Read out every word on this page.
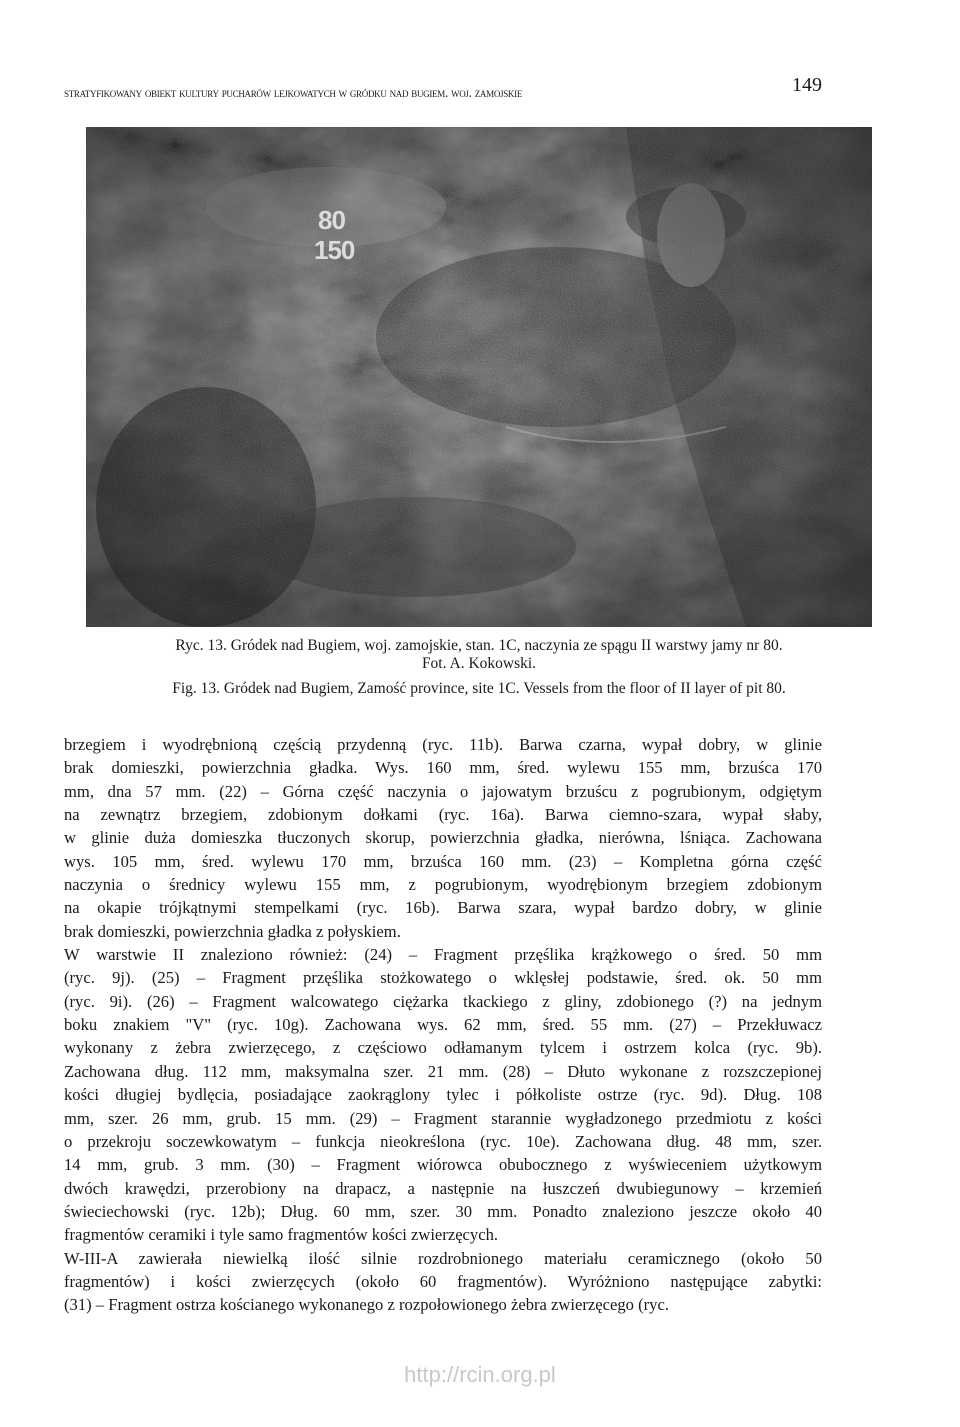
stratyfikowany obiekt kultury pucharów lejkowatych w gródku nad bugiem. woj. zamojskie	149
80
150
Ryc. 13. Gródek nad Bugiem, woj. zamojskie, stan. 1C, naczynia ze spągu II warstwy jamy nr 80.
Fot. A. Kokowski.
Fig. 13. Gródek nad Bugiem, Zamość province, site 1C. Vessels from the floor of II layer of pit 80.
brzegiem i wyodrębnioną częścią przydenną (ryc. 11b). Barwa czarna, wypał dobry, w glinie
brak domieszki, powierzchnia gładka. Wys. 160 mm, śred. wylewu 155 mm, brzuśca 170
mm, dna 57 mm. (22) – Górna część naczynia o jajowatym brzuścu z pogrubionym, odgiętym
na zewnątrz brzegiem, zdobionym dołkami (ryc. 16a). Barwa ciemno-szara, wypał słaby,
w glinie duża domieszka tłuczonych skorup, powierzchnia gładka, nierówna, lśniąca. Zachowana
wys. 105 mm, śred. wylewu 170 mm, brzuśca 160 mm. (23) – Kompletna górna część
naczynia o średnicy wylewu 155 mm, z pogrubionym, wyodrębionym brzegiem zdobionym
na okapie trójkątnymi stempelkami (ryc. 16b). Barwa szara, wypał bardzo dobry, w glinie
brak domieszki, powierzchnia gładka z połyskiem.
W warstwie II znaleziono również: (24) – Fragment przęślika krążkowego o śred. 50 mm
(ryc. 9j). (25) – Fragment przęślika stożkowatego o wklęsłej podstawie, śred. ok. 50 mm
(ryc. 9i). (26) – Fragment walcowatego ciężarka tkackiego z gliny, zdobionego (?) na jednym
boku znakiem "V" (ryc. 10g). Zachowana wys. 62 mm, śred. 55 mm. (27) – Przekłuwacz
wykonany z żebra zwierzęcego, z częściowo odłamanym tylcem i ostrzem kolca (ryc. 9b).
Zachowana dług. 112 mm, maksymalna szer. 21 mm. (28) – Dłuto wykonane z rozszczepionej
kości długiej bydlęcia, posiadające zaokrąglony tylec i półkoliste ostrze (ryc. 9d). Dług. 108
mm, szer. 26 mm, grub. 15 mm. (29) – Fragment starannie wygładzonego przedmiotu z kości
o przekroju soczewkowatym – funkcja nieokreślona (ryc. 10e). Zachowana dług. 48 mm, szer.
14 mm, grub. 3 mm. (30) – Fragment wiórowca obubocznego z wyświeceniem użytkowym
dwóch krawędzi, przerobiony na drapacz, a następnie na łuszczeń dwubiegunowy – krzemień
świeciechowski (ryc. 12b); Dług. 60 mm, szer. 30 mm. Ponadto znaleziono jeszcze około 40
fragmentów ceramiki i tyle samo fragmentów kości zwierzęcych.
W-III-A zawierała niewielką ilość silnie rozdrobnionego materiału ceramicznego (około 50
fragmentów) i kości zwierzęcych (około 60 fragmentów). Wyróżniono następujące zabytki:
(31) – Fragment ostrza kościanego wykonanego z rozpołowionego żebra zwierzęcego (ryc.
http://rcin.org.pl
